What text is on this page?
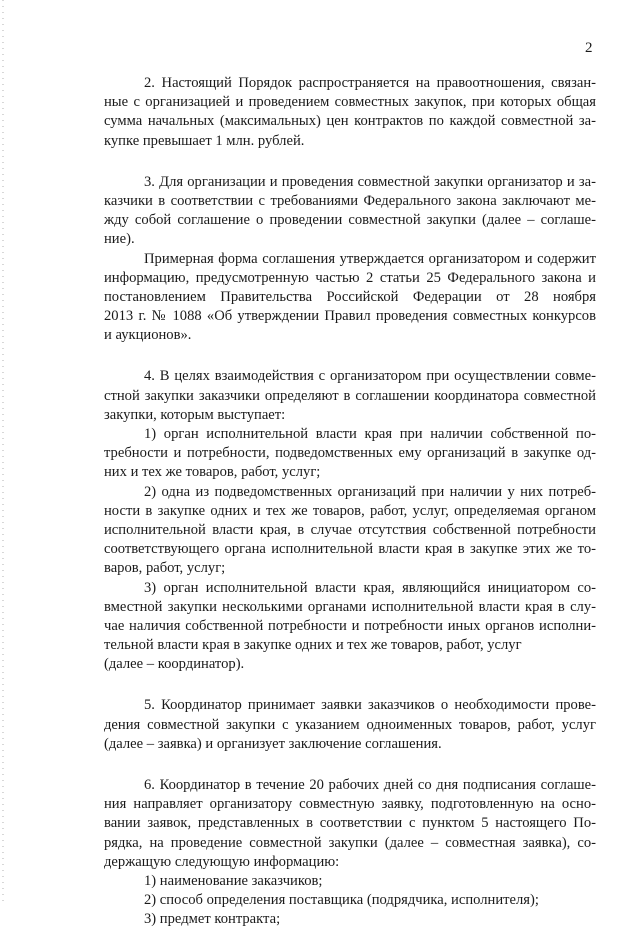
2
2. Настоящий Порядок распространяется на правоотношения, связан-
ные с организацией и проведением совместных закупок, при которых общая
сумма начальных (максимальных) цен контрактов по каждой совместной за-
купке превышает 1 млн. рублей.
3. Для организации и проведения совместной закупки организатор и за-
казчики в соответствии с требованиями Федерального закона заключают ме-
жду собой соглашение о проведении совместной закупки (далее – соглаше-
ние).
Примерная форма соглашения утверждается организатором и содержит
информацию, предусмотренную частью 2 статьи 25 Федерального закона и
постановлением Правительства Российской Федерации от 28 ноября
2013 г. № 1088 «Об утверждении Правил проведения совместных конкурсов
и аукционов».
4. В целях взаимодействия с организатором при осуществлении совме-
стной закупки заказчики определяют в соглашении координатора совместной
закупки, которым выступает:
1) орган исполнительной власти края при наличии собственной по-
требности и потребности, подведомственных ему организаций в закупке од-
них и тех же товаров, работ, услуг;
2) одна из подведомственных организаций при наличии у них потреб-
ности в закупке одних и тех же товаров, работ, услуг, определяемая органом
исполнительной власти края, в случае отсутствия собственной потребности
соответствующего органа исполнительной власти края в закупке этих же то-
варов, работ, услуг;
3) орган исполнительной власти края, являющийся инициатором со-
вместной закупки несколькими органами исполнительной власти края в слу-
чае наличия собственной потребности и потребности иных органов исполни-
тельной власти края в закупке одних и тех же товаров, работ, услуг
(далее – координатор).
5. Координатор принимает заявки заказчиков о необходимости прове-
дения совместной закупки с указанием одноименных товаров, работ, услуг
(далее – заявка) и организует заключение соглашения.
6. Координатор в течение 20 рабочих дней со дня подписания соглаше-
ния направляет организатору совместную заявку, подготовленную на осно-
вании заявок, представленных в соответствии с пунктом 5 настоящего По-
рядка, на проведение совместной закупки (далее – совместная заявка), со-
держащую следующую информацию:
1) наименование заказчиков;
2) способ определения поставщика (подрядчика, исполнителя);
3) предмет контракта;
